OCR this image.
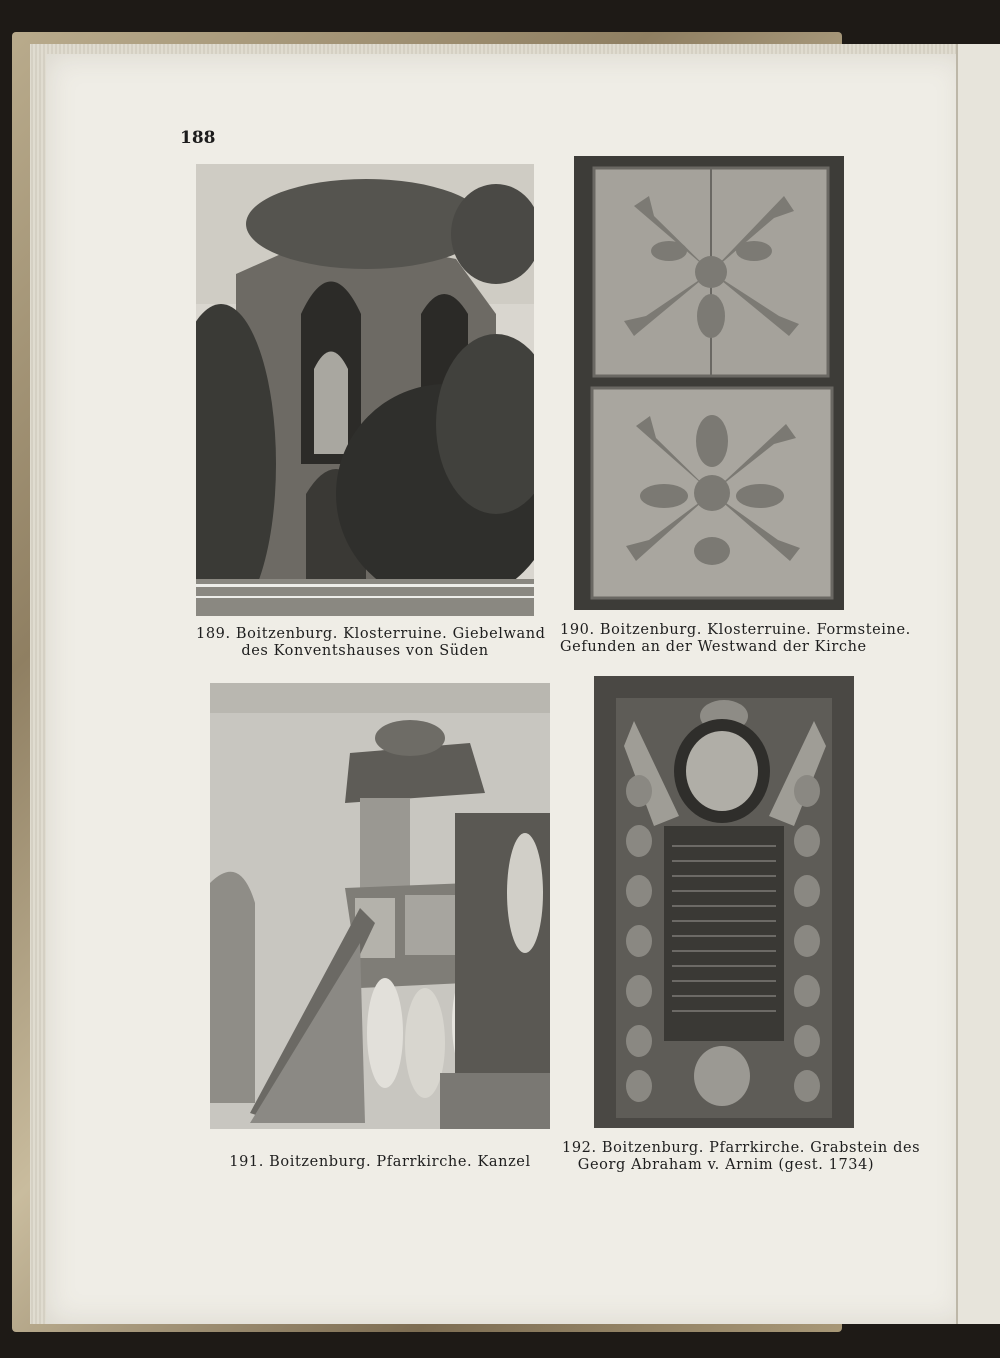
188
189. Boitzenburg. Klosterruine. Giebelwand
des Konventshauses von Süden
190. Boitzenburg. Klosterruine. Formsteine.
Gefunden an der Westwand der Kirche
191. Boitzenburg. Pfarrkirche. Kanzel
192. Boitzenburg. Pfarrkirche. Grabstein des
Georg Abraham v. Arnim (gest. 1734)
